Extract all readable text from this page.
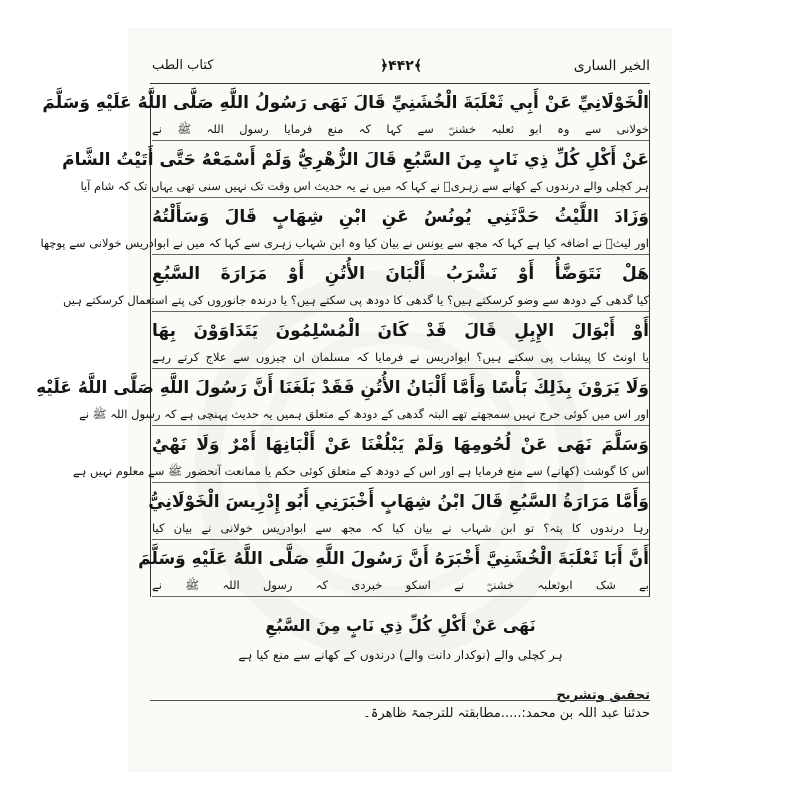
الخیر الساری
﴿۴۴۲﴾
کتاب الطب
الْخَوْلَانِيِّ عَنْ أَبِي ثَعْلَبَةَ الْخُشَنِيِّ قَالَ نَهَى رَسُولُ اللَّهِ صَلَّى اللَّهُ عَلَيْهِ وَسَلَّمَ
خولانی سے وہ ابو ثعلبہ خشنیؓ سے کہا کہ منع فرمایا رسول اللہ ﷺ نے
عَنْ أَكْلِ كُلِّ ذِي نَابٍ مِنَ السَّبُعِ قَالَ الزُّهْرِيُّ وَلَمْ أَسْمَعْهُ حَتَّى أَتَيْتُ الشَّامَ
ہر کچلی والے درندوں کے کھانے سے زہریؒ نے کہا کہ میں نے یہ حدیث اس وقت تک نہیں سنی تھی یہاں تک کہ شام آیا
وَزَادَ اللَّيْثُ حَدَّثَنِي يُونُسُ عَنِ ابْنِ شِهَابٍ قَالَ وَسَأَلْتُهُ
اور لیثؒ نے اضافہ کیا ہے کہا کہ مجھ سے یونس نے بیان کیا وہ ابن شہاب زہری سے کہا کہ میں نے ابوادریس خولانی سے پوچھا
هَلْ نَتَوَضَّأُ أَوْ نَشْرَبُ أَلْبَانَ الأُتُنِ أَوْ مَرَارَةَ السَّبُعِ
کیا گدھی کے دودھ سے وضو کرسکتے ہیں؟ یا گدھی کا دودھ پی سکتے ہیں؟ یا درندہ جانوروں کی پتے استعمال کرسکتے ہیں
أَوْ أَبْوَالَ الإِبِلِ قَالَ قَدْ كَانَ الْمُسْلِمُونَ يَتَدَاوَوْنَ بِهَا
یا اونٹ کا پیشاب پی سکتے ہیں؟ ابوادریس نے فرمایا کہ مسلمان ان چیزوں سے علاج کرتے رہے
وَلَا يَرَوْنَ بِذَلِكَ بَأْسًا وَأَمَّا أَلْبَانُ الأُتُنِ فَقَدْ بَلَغَنَا أَنَّ رَسُولَ اللَّهِ صَلَّى اللَّهُ عَلَيْهِ
اور اس میں کوئی حرج نہیں سمجھتے تھے البتہ گدھی کے دودھ کے متعلق ہمیں یہ حدیث پہنچی ہے کہ رسول اللہ ﷺ نے
وَسَلَّمَ نَهَى عَنْ لُحُومِهَا وَلَمْ يَبْلُغْنَا عَنْ أَلْبَانِهَا أَمْرٌ وَلَا نَهْيٌ
اس کا گوشت (کھانے) سے منع فرمایا ہے اور اس کے دودھ کے متعلق کوئی حکم یا ممانعت آنحضور ﷺ سے معلوم نہیں ہے
وَأَمَّا مَرَارَةُ السَّبُعِ قَالَ ابْنُ شِهَابٍ أَخْبَرَنِي أَبُو إِدْرِيسَ الْخَوْلَانِيُّ
رہا درندوں کا پتہ؟ تو ابن شہاب نے بیان کیا کہ مجھ سے ابوادریس خولانی نے بیان کیا
أَنَّ أَبَا ثَعْلَبَةَ الْخُشَنِيَّ أَخْبَرَهُ أَنَّ رَسُولَ اللَّهِ صَلَّى اللَّهُ عَلَيْهِ وَسَلَّمَ
بے شک ابوثعلبہ خشنیؓ نے اسکو خبردی کہ رسول اللہ ﷺ نے
نَهَى عَنْ أَكْلِ كُلِّ ذِي نَابٍ مِنَ السَّبُعِ
ہر کچلی والے (نوکدار دانت والے) درندوں کے کھانے سے منع کیا ہے
تحقیق وتشریح
حدثنا عبد اللہ بن محمد:.....مطابقتہ للترجمۃ ظاهرۃ۔
